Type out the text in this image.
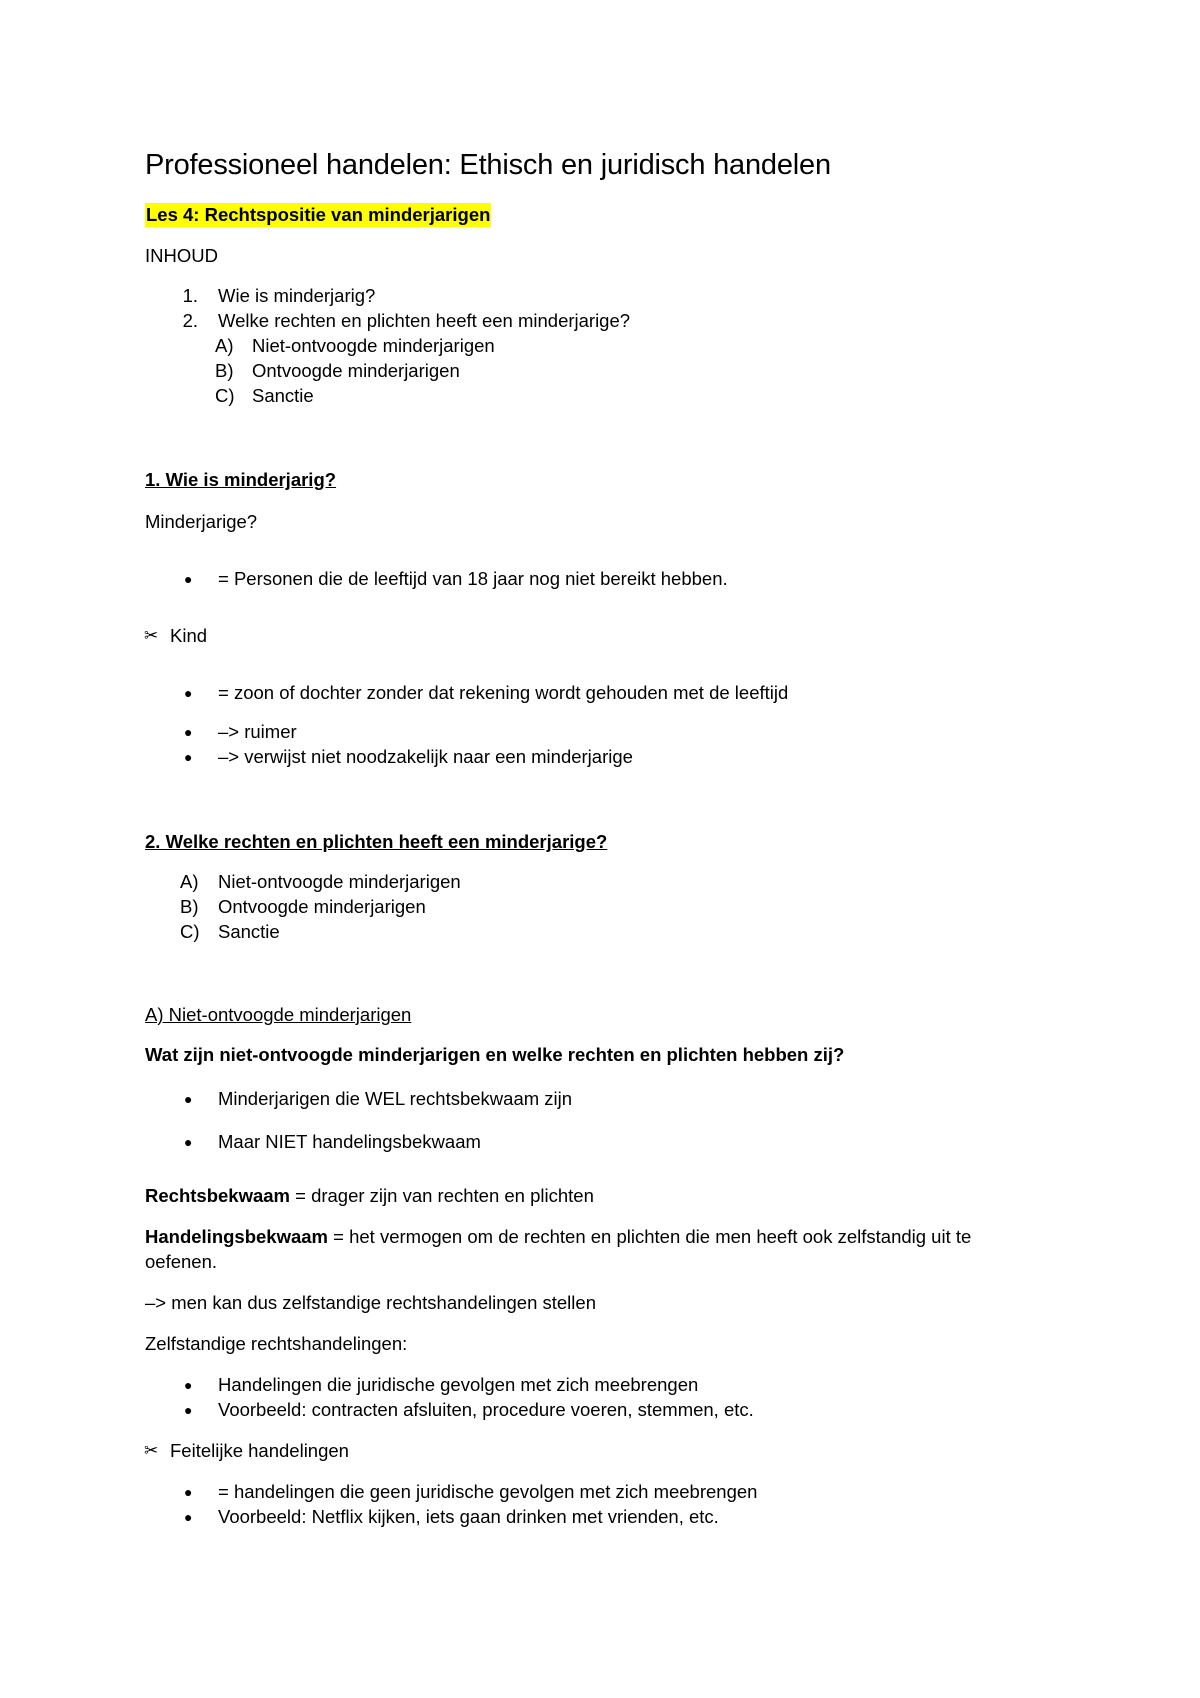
Professioneel handelen: Ethisch en juridisch handelen
Les 4: Rechtspositie van minderjarigen
INHOUD
1. Wie is minderjarig?
2. Welke rechten en plichten heeft een minderjarige?
A) Niet-ontvoogde minderjarigen
B) Ontvoogde minderjarigen
C) Sanctie
1. Wie is minderjarig?
Minderjarige?
● = Personen die de leeftijd van 18 jaar nog niet bereikt hebben.
✂ Kind
● = zoon of dochter zonder dat rekening wordt gehouden met de leeftijd
● –> ruimer
● –> verwijst niet noodzakelijk naar een minderjarige
2. Welke rechten en plichten heeft een minderjarige?
A) Niet-ontvoogde minderjarigen
B) Ontvoogde minderjarigen
C) Sanctie
A) Niet-ontvoogde minderjarigen
Wat zijn niet-ontvoogde minderjarigen en welke rechten en plichten hebben zij?
● Minderjarigen die WEL rechtsbekwaam zijn
● Maar NIET handelingsbekwaam
Rechtsbekwaam = drager zijn van rechten en plichten
Handelingsbekwaam = het vermogen om de rechten en plichten die men heeft ook zelfstandig uit te
oefenen.
–> men kan dus zelfstandige rechtshandelingen stellen
Zelfstandige rechtshandelingen:
● Handelingen die juridische gevolgen met zich meebrengen
● Voorbeeld: contracten afsluiten, procedure voeren, stemmen, etc.
✂ Feitelijke handelingen
● = handelingen die geen juridische gevolgen met zich meebrengen
● Voorbeeld: Netflix kijken, iets gaan drinken met vrienden, etc.
